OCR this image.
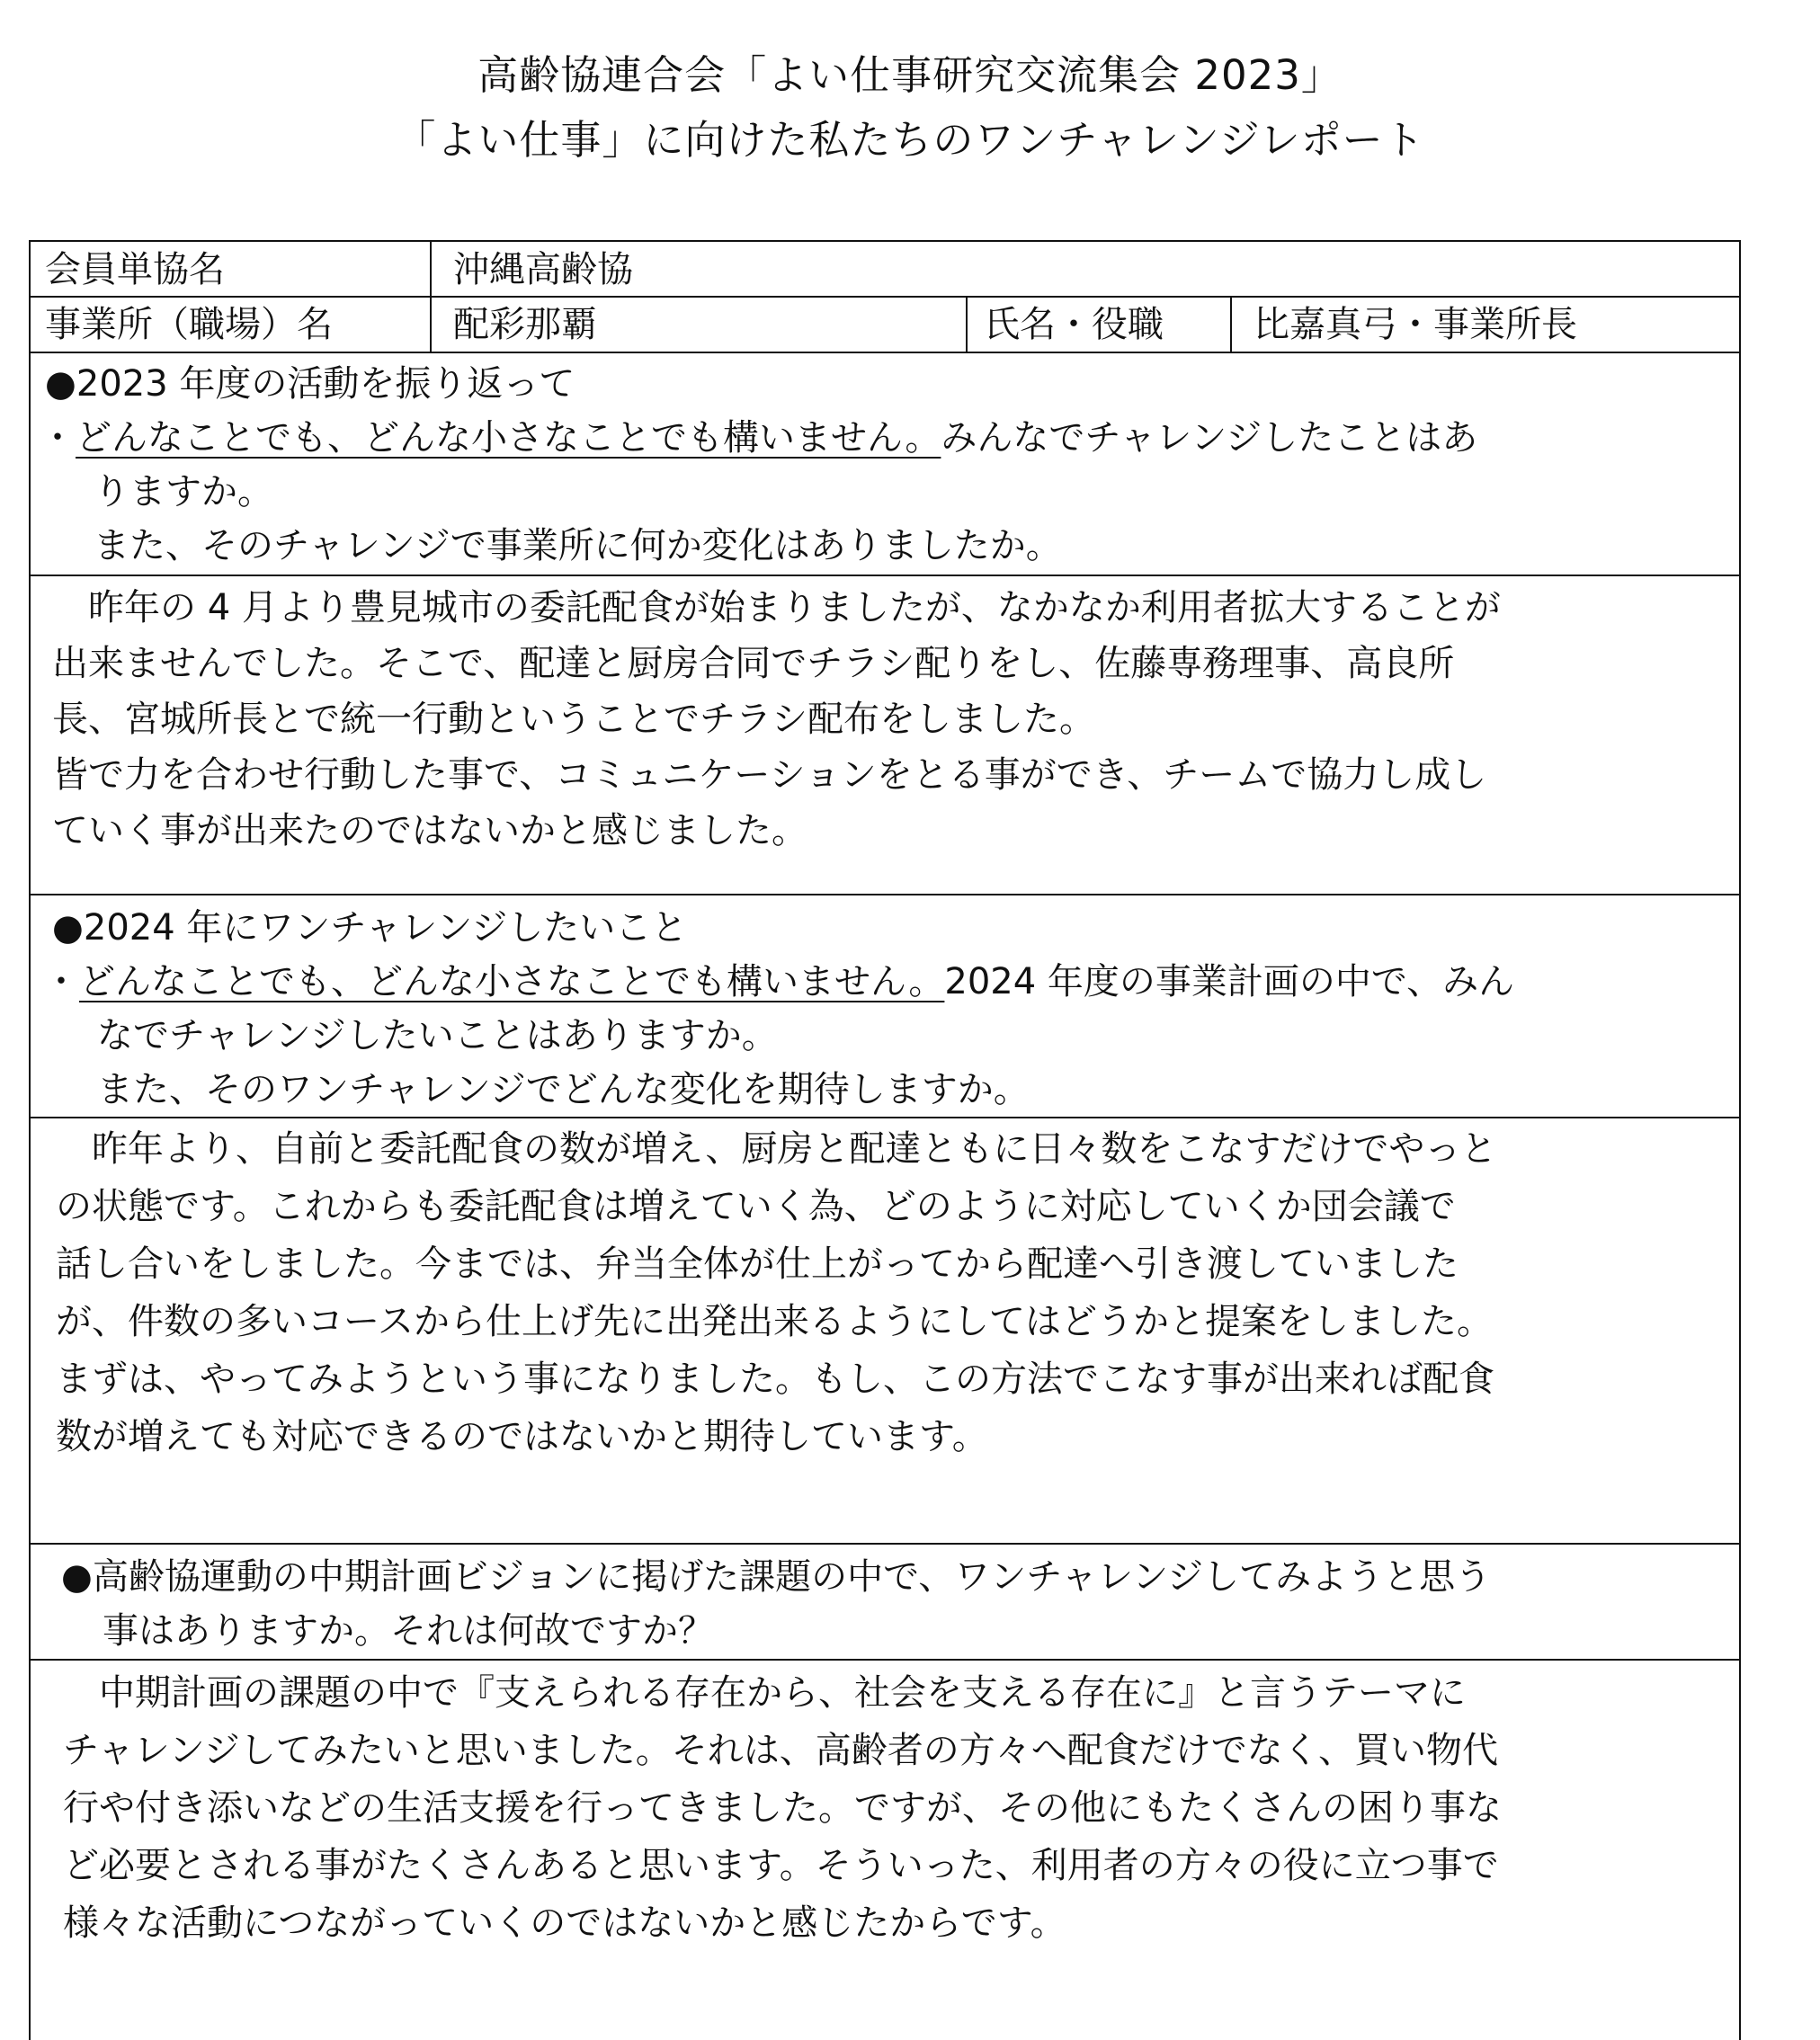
高齢協連合会「よい仕事研究交流集会 2023」
「よい仕事」に向けた私たちのワンチャレンジレポート
会員単協名	沖縄高齢協
事業所（職場）名	配彩那覇	氏名・役職	比嘉真弓・事業所長
●2023 年度の活動を振り返って
・どんなことでも、どんな小さなことでも構いません。みんなでチャレンジしたことはあ
りますか。
また、そのチャレンジで事業所に何か変化はありましたか。
　昨年の 4 月より豊見城市の委託配食が始まりましたが、なかなか利用者拡大することが
出来ませんでした。そこで、配達と厨房合同でチラシ配りをし、佐藤専務理事、高良所
長、宮城所長とで統一行動ということでチラシ配布をしました。
皆で力を合わせ行動した事で、コミュニケーションをとる事ができ、チームで協力し成し
ていく事が出来たのではないかと感じました。
●2024 年にワンチャレンジしたいこと
・どんなことでも、どんな小さなことでも構いません。2024 年度の事業計画の中で、みん
なでチャレンジしたいことはありますか。
また、そのワンチャレンジでどんな変化を期待しますか。
　昨年より、自前と委託配食の数が増え、厨房と配達ともに日々数をこなすだけでやっと
の状態です。これからも委託配食は増えていく為、どのように対応していくか団会議で
話し合いをしました。今までは、弁当全体が仕上がってから配達へ引き渡していました
が、件数の多いコースから仕上げ先に出発出来るようにしてはどうかと提案をしました。
まずは、やってみようという事になりました。もし、この方法でこなす事が出来れば配食
数が増えても対応できるのではないかと期待しています。
●高齢協運動の中期計画ビジョンに掲げた課題の中で、ワンチャレンジしてみようと思う
事はありますか。それは何故ですか？
　中期計画の課題の中で『支えられる存在から、社会を支える存在に』と言うテーマに
チャレンジしてみたいと思いました。それは、高齢者の方々へ配食だけでなく、買い物代
行や付き添いなどの生活支援を行ってきました。ですが、その他にもたくさんの困り事な
ど必要とされる事がたくさんあると思います。そういった、利用者の方々の役に立つ事で
様々な活動につながっていくのではないかと感じたからです。
